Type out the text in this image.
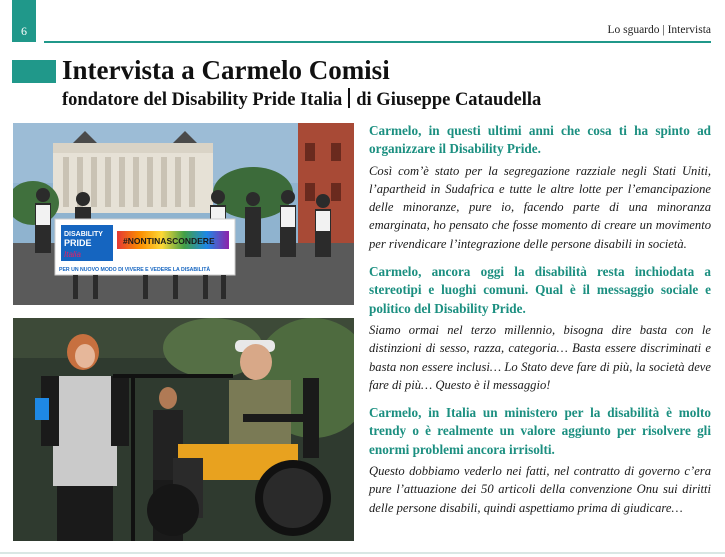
6	Lo sguardo | Intervista
Intervista a Carmelo Comisi
fondatore del Disability Pride Italia di Giuseppe Cataudella
DISABILITY
PRIDE
Italia
#NONTINASCONDERE
PER UN NUOVO MODO DI VIVERE E VEDERE LA DISABILITÀ

Carmelo, in questi ultimi anni che cosa ti ha spinto ad organizzare il Disability Pride.

Così com’è stato per la segregazione razziale negli Stati Uniti, l’apartheid in Sudafrica e tutte le altre lotte per l’emancipazione delle minoranze, pure io, facendo parte di una minoranza emarginata, ho pensato che fosse momento di creare un movimento per rivendicare l’integrazione delle persone disabili in società.

Carmelo, ancora oggi la disabilità resta inchiodata a stereotipi e luoghi comuni. Qual è il messaggio sociale e politico del Disability Pride.

Siamo ormai nel terzo millennio, bisogna dire basta con le distinzioni di sesso, razza, categoria… Basta essere discriminati e basta non essere inclusi… Lo Stato deve fare di più, la società deve fare di più… Questo è il messaggio!

Carmelo, in Italia un ministero per la disabilità è molto trendy o è realmente un valore aggiunto per risolvere gli enormi problemi ancora irrisolti.

Questo dobbiamo vederlo nei fatti, nel contratto di governo c’era pure l’attuazione dei 50 articoli della convenzione Onu sui diritti delle persone disabili, quindi aspettiamo prima di giudicare…
